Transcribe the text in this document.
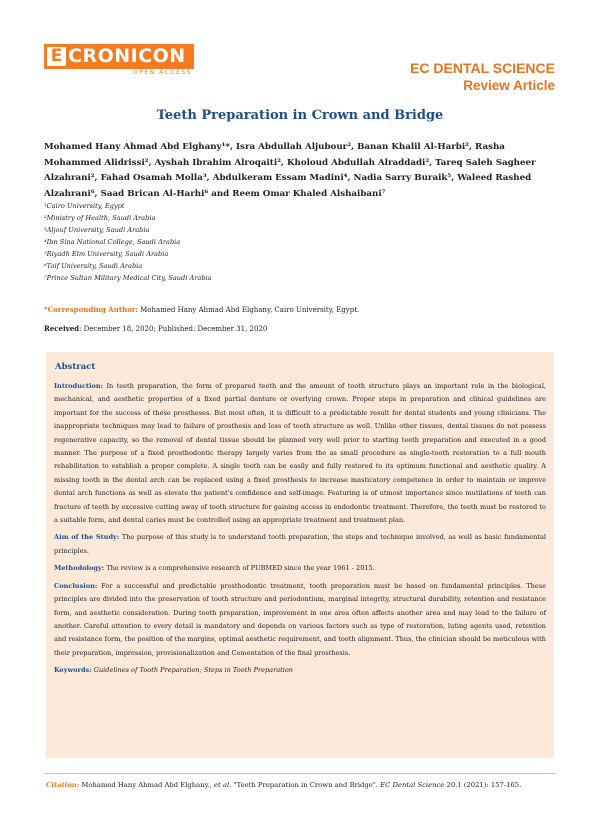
E CRONICON
OPEN ACCESS	EC DENTAL SCIENCE
Review Article
Teeth Preparation in Crown and Bridge
Mohamed Hany Ahmad Abd Elghany¹*, Isra Abdullah Aljubour², Banan Khalil Al-Harbi², Rasha Mohammed Alidrissi², Ayshah Ibrahim Alroqaiti², Kholoud Abdullah Alraddadi², Tareq Saleh Sagheer Alzahrani², Fahad Osamah Molla³, Abdulkeram Essam Madini⁴, Nadia Sarry Buraik⁵, Waleed Rashed Alzahrani⁶, Saad Brican Al-Harhi⁶ and Reem Omar Khaled Alshaibani⁷
¹Cairo University, Egypt
²Ministry of Health, Saudi Arabia
³Aljouf University, Saudi Arabia
⁴Ibn Sina National College, Saudi Arabia
⁵Riyadh Elm University, Saudi Arabia
⁶Taif University, Saudi Arabia
⁷Prince Sultan Military Medical City, Saudi Arabia
*Corresponding Author: Mohamed Hany Ahmad Abd Elghany, Cairo University, Egypt.
Received: December 18, 2020; Published: December 31, 2020
Abstract

Introduction: In teeth preparation, the form of prepared teeth and the amount of tooth structure plays an important role in the biological, mechanical, and aesthetic properties of a fixed partial denture or overlying crown. Proper steps in preparation and clinical guidelines are important for the success of these prostheses. But most often, it is difficult to a predictable result for dental students and young clinicians. The inappropriate techniques may lead to failure of prosthesis and loss of tooth structure as well. Unlike other tissues, dental tissues do not possess regenerative capacity, so the removal of dental tissue should be planned very well prior to starting teeth preparation and executed in a good manner. The purpose of a fixed prosthodontic therapy largely varies from the as small procedure as single-tooth restoration to a full mouth rehabilitation to establish a proper complete. A single tooth can be easily and fully restored to its optimum functional and aesthetic quality. A missing tooth in the dental arch can be replaced using a fixed prosthesis to increase masticatory competence in order to maintain or improve dental arch functions as well as elevate the patient's confidence and self-image. Featuring is of utmost importance since mutilations of teeth can fracture of teeth by excessive cutting away of tooth structure for gaining access in endodontic treatment. Therefore, the teeth must be restored to a suitable form, and dental caries must be controlled using an appropriate treatment and treatment plan.

Aim of the Study: The purpose of this study is to understand tooth preparation, the steps and technique involved, as well as basic fundamental principles.

Methodology: The review is a comprehensive research of PUBMED since the year 1961 - 2015.

Conclusion: For a successful and predictable prosthodontic treatment, tooth preparation must be based on fundamental principles. These principles are divided into the preservation of tooth structure and periodontium, marginal integrity, structural durability, retention and resistance form, and aesthetic consideration. During tooth preparation, improvement in one area often affects another area and may lead to the failure of another. Careful attention to every detail is mandatory and depends on various factors such as type of restoration, luting agents used, retention and resistance form, the position of the margins, optimal aesthetic requirement, and tooth alignment. Thus, the clinician should be meticulous with their preparation, impression, provisionalization and Cementation of the final prosthesis.

Keywords: Guidelines of Tooth Preparation; Steps in Tooth Preparation

Citation: Mohamed Hany Ahmad Abd Elghany., et al. "Teeth Preparation in Crown and Bridge". EC Dental Science 20.1 (2021): 157-165.
